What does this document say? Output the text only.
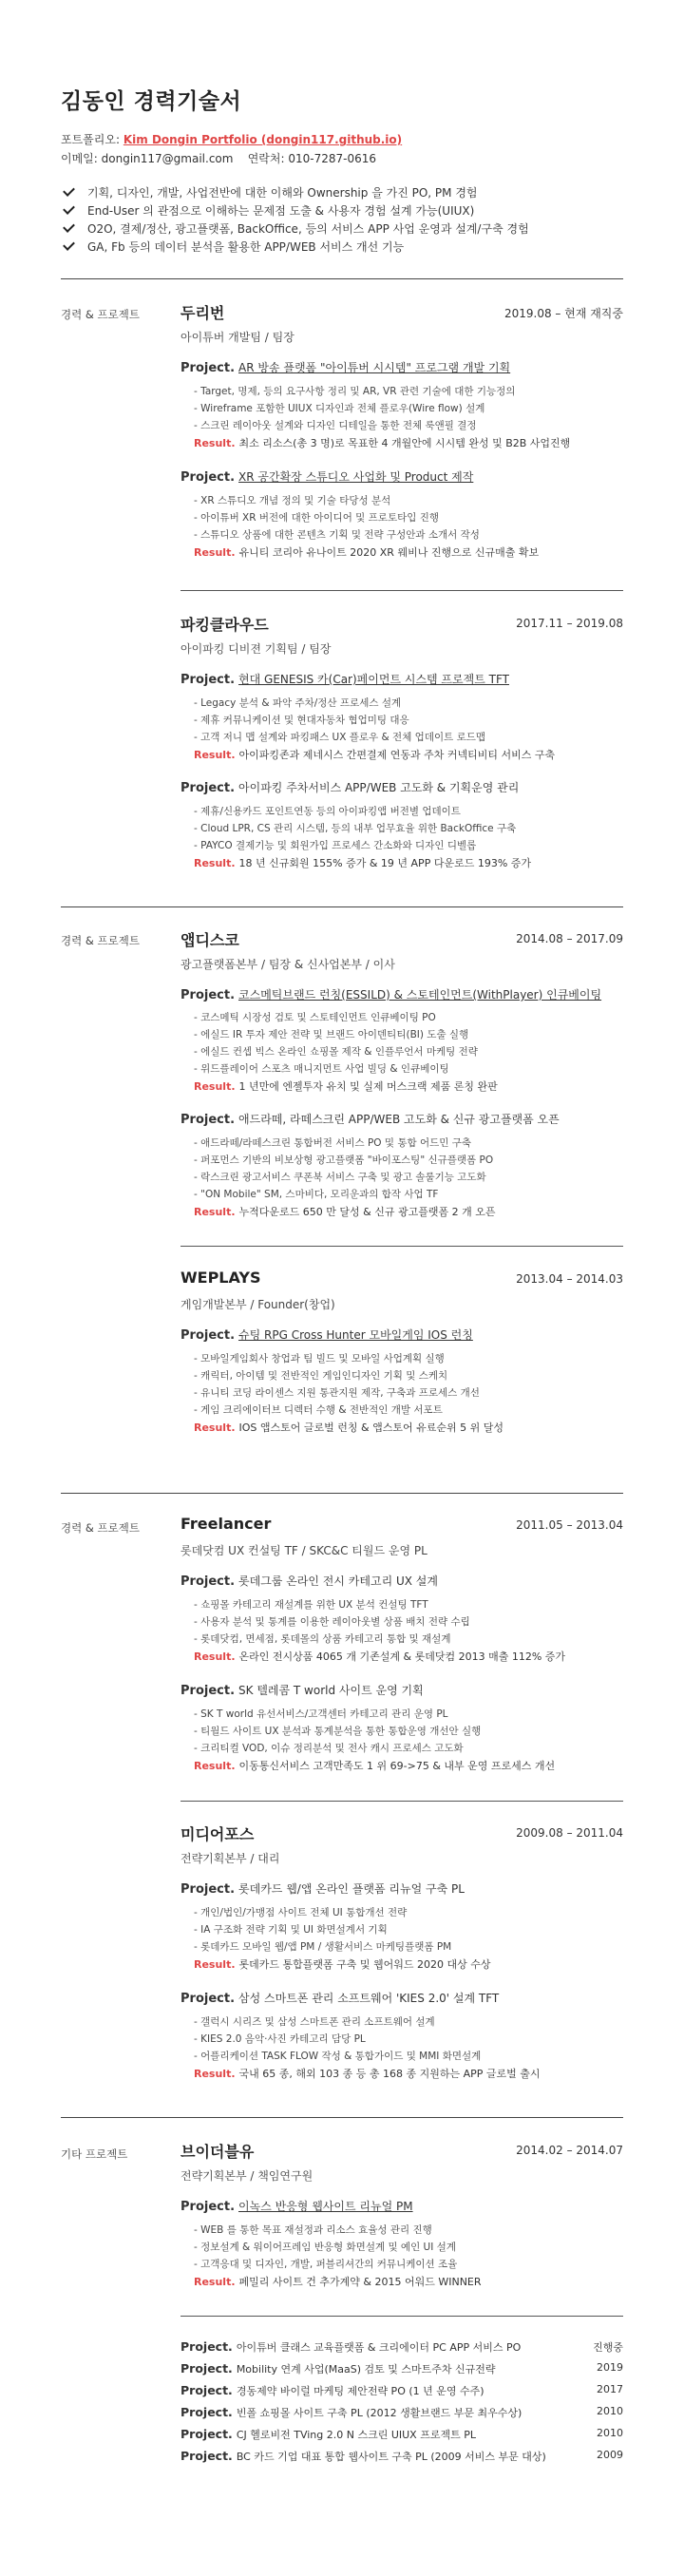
김동인 경력기술서
포트폴리오: Kim Dongin Portfolio (dongin117.github.io)
이메일: dongin117@gmail.com 연락처: 010-7287-0616
기획, 디자인, 개발, 사업전반에 대한 이해와 Ownership 을 가진 PO, PM 경험
End-User 의 관점으로 이해하는 문제점 도출 & 사용자 경험 설계 가능(UIUX)
O2O, 결제/정산, 광고플랫폼, BackOffice, 등의 서비스 APP 사업 운영과 설계/구축 경험
GA, Fb 등의 데이터 분석을 활용한 APP/WEB 서비스 개선 기능
경력 & 프로젝트	두리번	2019.08 – 현재 재직중
아이튜버 개발팀 / 팀장
Project. AR 방송 플랫폼 "아이튜버 시시템" 프로그램 개발 기획
- Target, 명제, 등의 요구사항 정리 및 AR, VR 관련 기술에 대한 기능정의
- Wireframe 포함한 UIUX 디자인과 전체 플로우(Wire flow) 설계
- 스크린 레이아웃 설계와 디자인 디테일을 통한 전체 룩앤필 결정
Result. 최소 리소스(총 3 명)로 목표한 4 개월안에 시시템 완성 및 B2B 사업진행
Project. XR 공간확장 스튜디오 사업화 및 Product 제작
- XR 스튜디오 개념 정의 및 기술 타당성 분석
- 아이튜버 XR 버전에 대한 아이디어 및 프로토타입 진행
- 스튜디오 상품에 대한 콘텐츠 기획 및 전략 구성안과 소개서 작성
Result. 유니티 코리아 유나이트 2020 XR 웨비나 진행으로 신규매출 확보
파킹클라우드	2017.11 – 2019.08
아이파킹 디비젼 기획팀 / 팀장
Project. 현대 GENESIS 카(Car)페이먼트 시스템 프로젝트 TFT
- Legacy 분석 & 파악 주차/정산 프로세스 설계
- 제휴 커뮤니케이션 및 현대자동차 협업미팅 대응
- 고객 저니 맵 설계와 파킹패스 UX 플로우 & 전체 업데이트 로드맵
Result. 아이파킹존과 제네시스 간편결제 연동과 주차 커넥티비티 서비스 구축
Project. 아이파킹 주차서비스 APP/WEB 고도화 & 기획운영 관리
- 제휴/신용카드 포인트연동 등의 아이파킹앱 버전별 업데이트
- Cloud LPR, CS 관리 시스템, 등의 내부 업무효율 위한 BackOffice 구축
- PAYCO 결제기능 및 회원가입 프로세스 간소화와 디자인 디벨롭
Result. 18 년 신규회원 155% 증가 & 19 년 APP 다운로드 193% 증가
경력 & 프로젝트	앱디스코	2014.08 – 2017.09
광고플랫폼본부 / 팀장 & 신사업본부 / 이사
Project. 코스메틱브랜드 런칭(ESSILD) & 스토테인먼트(WithPlayer) 인큐베이팅
- 코스메틱 시장성 검토 및 스토테인먼트 인큐베이팅 PO
- 에실드 IR 투자 제안 전략 및 브랜드 아이덴티티(BI) 도출 실행
- 에실드 컨셉 빅스 온라인 쇼핑몰 제작 & 인플루언서 마케팅 전략
- 위드플레이어 스포츠 매니지먼트 사업 빌딩 & 인큐베이팅
Result. 1 년만에 엔젤투자 유치 및 실제 머스크랙 제품 론칭 완판
Project. 애드라떼, 라떼스크린 APP/WEB 고도화 & 신규 광고플랫폼 오픈
- 애드라떼/라떼스크린 통합버전 서비스 PO 및 통합 어드민 구축
- 퍼포먼스 기반의 비보상형 광고플랫폼 "바이포스팅" 신규플랫폼 PO
- 락스크린 광고서비스 쿠폰북 서비스 구축 및 광고 솔룰기능 고도화
- "ON Mobile" SM, 스마비다, 모리운과의 합작 사업 TF
Result. 누적다운로드 650 만 달성 & 신규 광고플랫폼 2 개 오픈
WEPLAYS	2013.04 – 2014.03
게임개발본부 / Founder(창업)
Project. 슈팅 RPG Cross Hunter 모바일게임 IOS 런칭
- 모바일게임회사 창업과 팀 빌드 및 모바일 사업계획 실행
- 캐릭터, 아이템 및 전반적인 게임인디자인 기획 및 스케치
- 유니티 코딩 라이센스 지원 통관지원 제작, 구축과 프로세스 개선
- 게임 크리에이터브 디렉터 수행 & 전반적인 개발 서포트
Result. IOS 앱스토어 글로벌 런칭 & 앱스토어 유료순위 5 위 달성
경력 & 프로젝트	Freelancer	2011.05 – 2013.04
롯데닷컴 UX 컨설팅 TF / SKC&C 티월드 운영 PL
Project. 롯데그룹 온라인 전시 카테고리 UX 설계
- 쇼핑몰 카테고리 재설계를 위한 UX 분석 컨설팅 TFT
- 사용자 분석 및 통계를 이용한 레이아웃별 상품 배치 전략 수립
- 롯데닷컴, 면세점, 롯데몰의 상품 카테고리 통합 및 재설계
Result. 온라인 전시상품 4065 개 기존설계 & 롯데닷컴 2013 매출 112% 증가
Project. SK 텔레콤 T world 사이트 운영 기획
- SK T world 유선서비스/고객센터 카테고리 관리 운영 PL
- 티월드 사이트 UX 분석과 통계분석을 통한 통합운영 개선안 실행
- 크리티컬 VOD, 이슈 정리분석 및 전사 캐시 프로세스 고도화
Result. 이동통신서비스 고객만족도 1 위 69->75 & 내부 운영 프로세스 개선
미디어포스	2009.08 – 2011.04
전략기획본부 / 대리
Project. 롯데카드 웹/앱 온라인 플랫폼 리뉴얼 구축 PL
- 개인/법인/가맹점 사이트 전체 UI 통합개선 전략
- IA 구조화 전략 기획 및 UI 화면설계서 기획
- 롯데카드 모바일 웹/앱 PM / 생활서비스 마케팅플랫폼 PM
Result. 롯데카드 통합플랫폼 구축 및 웹어워드 2020 대상 수상
Project. 삼성 스마트폰 관리 소프트웨어 'KIES 2.0' 설계 TFT
- 갤럭시 시리즈 및 삼성 스마트폰 관리 소프트웨어 설계
- KIES 2.0 음악·사진 카테고리 담당 PL
- 어플리케이션 TASK FLOW 작성 & 통합가이드 및 MMI 화면설계
Result. 국내 65 종, 해외 103 종 등 총 168 종 지원하는 APP 글로벌 출시
기타 프로젝트	브이더블유	2014.02 – 2014.07
전략기획본부 / 책임연구원
Project. 이녹스 반응형 웹사이트 리뉴얼 PM
- WEB 를 통한 목표 재설정과 리소스 효율성 관리 진행
- 정보설계 & 워이어프레임 반응형 화면설계 및 예인 UI 설계
- 고객응대 및 디자인, 개발, 퍼블리셔간의 커뮤니케이션 조율
Result. 페밀리 사이트 건 추가계약 & 2015 어워드 WINNER
Project. 아이튜버 클래스 교육플랫폼 & 크리에이터 PC APP 서비스 PO	진행중
Project. Mobility 연계 사업(MaaS) 검토 및 스마트주차 신규전략	2019
Project. 경동제약 바이럴 마케팅 제안전략 PO (1 년 운영 수주)	2017
Project. 빈폴 쇼핑몰 사이트 구축 PL (2012 생활브랜드 부문 최우수상)	2010
Project. CJ 헬로비전 TVing 2.0 N 스크린 UIUX 프로젝트 PL	2010
Project. BC 카드 기업 대표 통합 웹사이트 구축 PL (2009 서비스 부문 대상)	2009
